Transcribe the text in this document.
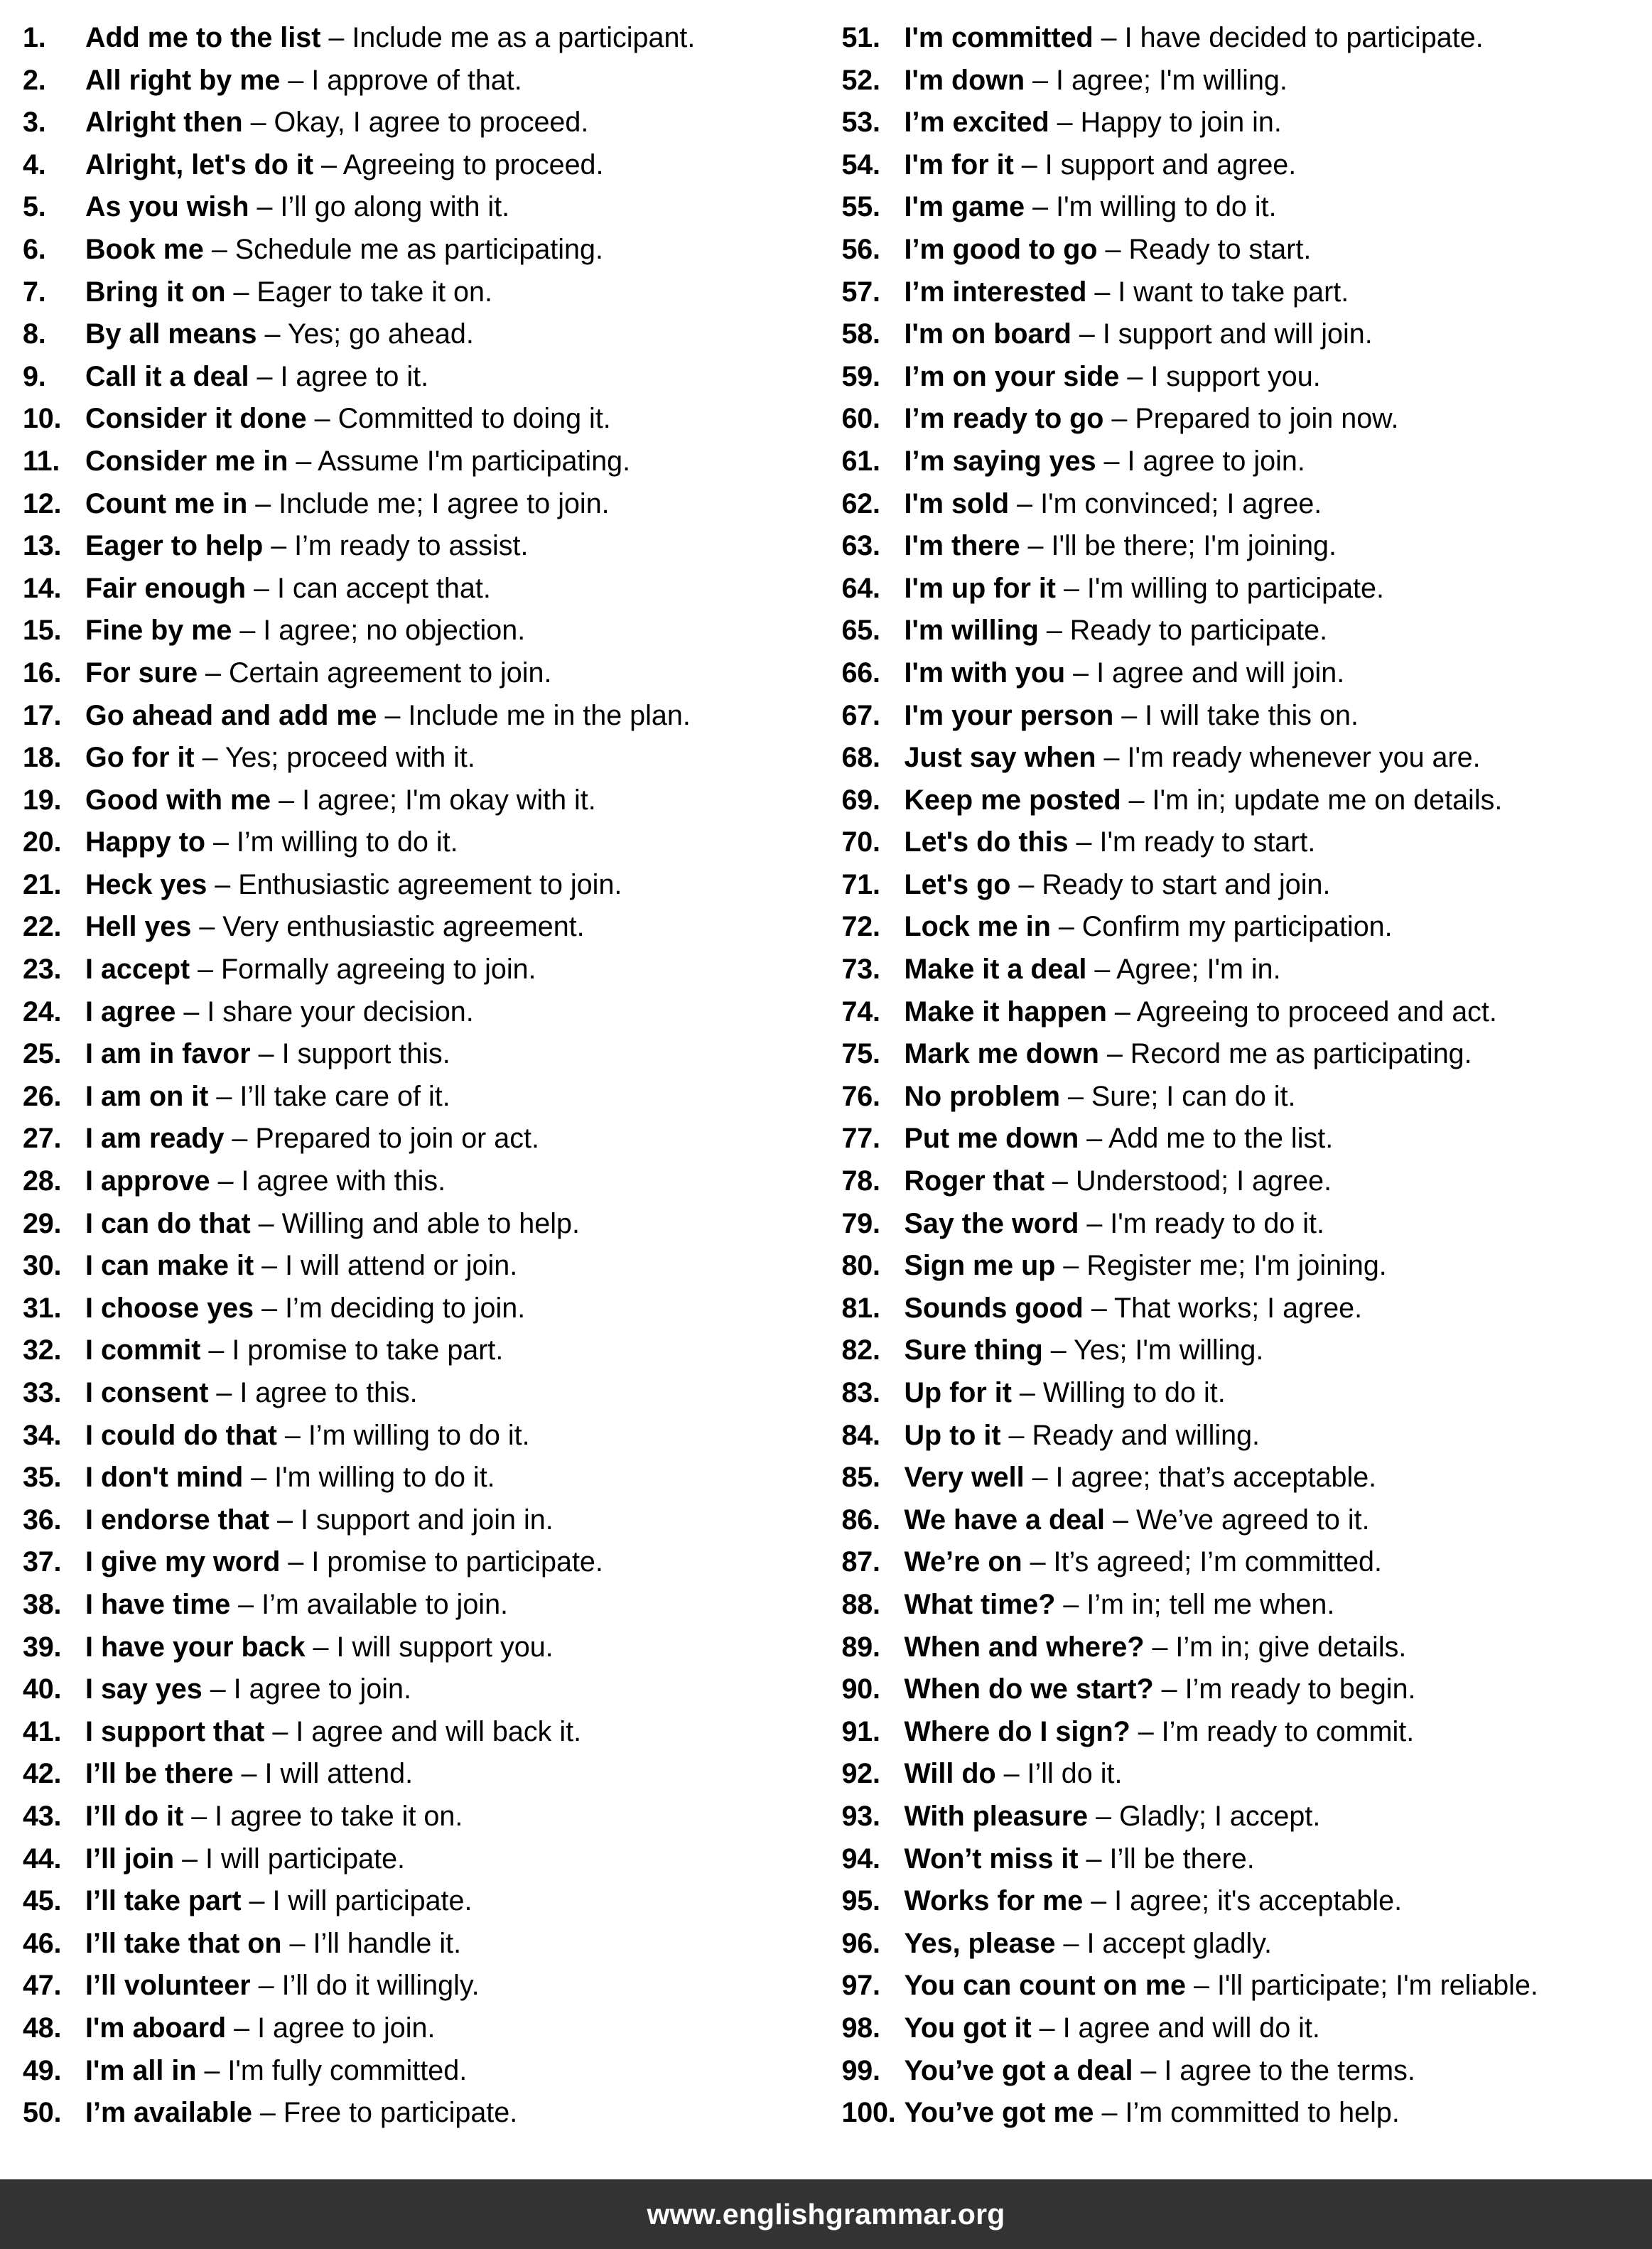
1.	Add me to the list – Include me as a participant.
2.	All right by me – I approve of that.
3.	Alright then – Okay, I agree to proceed.
4.	Alright, let's do it – Agreeing to proceed.
5.	As you wish – I’ll go along with it.
6.	Book me – Schedule me as participating.
7.	Bring it on – Eager to take it on.
8.	By all means – Yes; go ahead.
9.	Call it a deal – I agree to it.
10. Consider it done – Committed to doing it.
11. Consider me in – Assume I'm participating.
12. Count me in – Include me; I agree to join.
13. Eager to help – I’m ready to assist.
14. Fair enough – I can accept that.
15. Fine by me – I agree; no objection.
16. For sure – Certain agreement to join.
17. Go ahead and add me – Include me in the plan.
18. Go for it – Yes; proceed with it.
19. Good with me – I agree; I'm okay with it.
20. Happy to – I’m willing to do it.
21. Heck yes – Enthusiastic agreement to join.
22. Hell yes – Very enthusiastic agreement.
23. I accept – Formally agreeing to join.
24. I agree – I share your decision.
25. I am in favor – I support this.
26. I am on it – I’ll take care of it.
27. I am ready – Prepared to join or act.
28. I approve – I agree with this.
29. I can do that – Willing and able to help.
30. I can make it – I will attend or join.
31. I choose yes – I’m deciding to join.
32. I commit – I promise to take part.
33. I consent – I agree to this.
34. I could do that – I’m willing to do it.
35. I don't mind – I'm willing to do it.
36. I endorse that – I support and join in.
37. I give my word – I promise to participate.
38. I have time – I’m available to join.
39. I have your back – I will support you.
40. I say yes – I agree to join.
41. I support that – I agree and will back it.
42. I’ll be there – I will attend.
43. I’ll do it – I agree to take it on.
44. I’ll join – I will participate.
45. I’ll take part – I will participate.
46. I’ll take that on – I’ll handle it.
47. I’ll volunteer – I’ll do it willingly.
48. I'm aboard – I agree to join.
49. I'm all in – I'm fully committed.
50. I’m available – Free to participate.
51. I'm committed – I have decided to participate.
52. I'm down – I agree; I'm willing.
53. I’m excited – Happy to join in.
54. I'm for it – I support and agree.
55. I'm game – I'm willing to do it.
56. I’m good to go – Ready to start.
57. I’m interested – I want to take part.
58. I'm on board – I support and will join.
59. I’m on your side – I support you.
60. I’m ready to go – Prepared to join now.
61. I’m saying yes – I agree to join.
62. I'm sold – I'm convinced; I agree.
63. I'm there – I'll be there; I'm joining.
64. I'm up for it – I'm willing to participate.
65. I'm willing – Ready to participate.
66. I'm with you – I agree and will join.
67. I'm your person – I will take this on.
68. Just say when – I'm ready whenever you are.
69. Keep me posted – I'm in; update me on details.
70. Let's do this – I'm ready to start.
71. Let's go – Ready to start and join.
72. Lock me in – Confirm my participation.
73. Make it a deal – Agree; I'm in.
74. Make it happen – Agreeing to proceed and act.
75. Mark me down – Record me as participating.
76. No problem – Sure; I can do it.
77. Put me down – Add me to the list.
78. Roger that – Understood; I agree.
79. Say the word – I'm ready to do it.
80. Sign me up – Register me; I'm joining.
81. Sounds good – That works; I agree.
82. Sure thing – Yes; I'm willing.
83. Up for it – Willing to do it.
84. Up to it – Ready and willing.
85. Very well – I agree; that’s acceptable.
86. We have a deal – We’ve agreed to it.
87. We’re on – It’s agreed; I’m committed.
88. What time? – I’m in; tell me when.
89. When and where? – I’m in; give details.
90. When do we start? – I’m ready to begin.
91. Where do I sign? – I’m ready to commit.
92. Will do – I’ll do it.
93. With pleasure – Gladly; I accept.
94. Won’t miss it – I’ll be there.
95. Works for me – I agree; it's acceptable.
96. Yes, please – I accept gladly.
97. You can count on me – I'll participate; I'm reliable.
98. You got it – I agree and will do it.
99. You’ve got a deal – I agree to the terms.
100. You’ve got me – I’m committed to help.
www.englishgrammar.org
